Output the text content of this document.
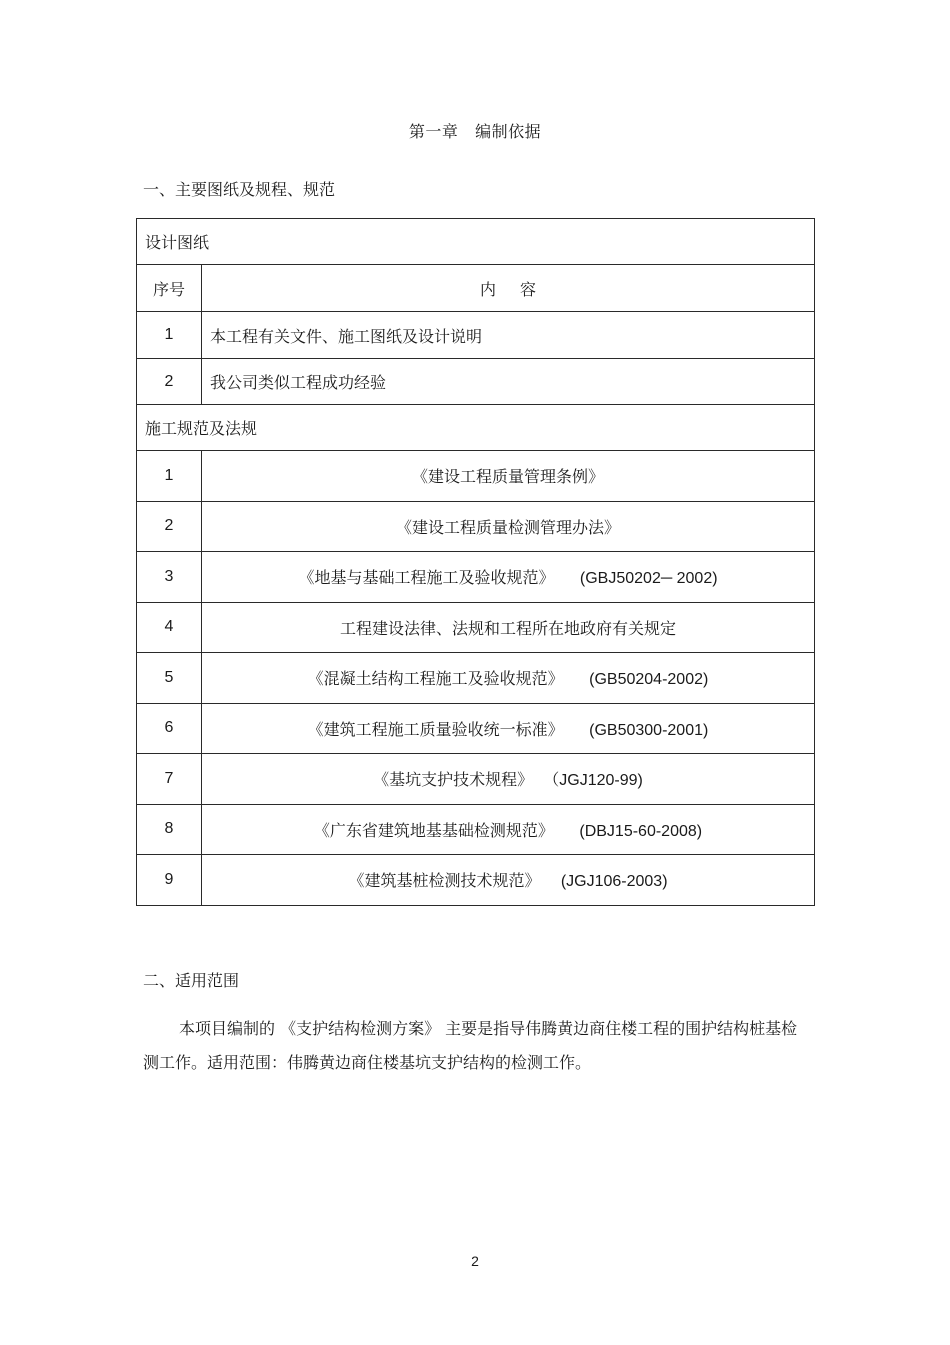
第一章   编制依据
一、主要图纸及规程、规范
设计图纸	
序号	内容
1	本工程有关文件、施工图纸及设计说明
2	我公司类似工程成功经验
施工规范及法规	
1	《建设工程质量管理条例》
2	《建设工程质量检测管理办法》
3	《地基与基础工程施工及验收规范》 (GBJ50202─ 2002)
4	工程建设法律、法规和工程所在地政府有关规定
5	《混凝土结构工程施工及验收规范》 (GB50204-2002)
6	《建筑工程施工质量验收统一标准》 (GB50300-2001)
7	《基坑支护技术规程》 （JGJ120-99)
8	《广东省建筑地基基础检测规范》 (DBJ15-60-2008)
9	《建筑基桩检测技术规范》 (JGJ106-2003)
二、适用范围
本项目编制的 《支护结构检测方案》 主要是指导伟腾黄边商住楼工程的围护结构桩基检测工作。适用范围：伟腾黄边商住楼基坑支护结构的检测工作。
2
